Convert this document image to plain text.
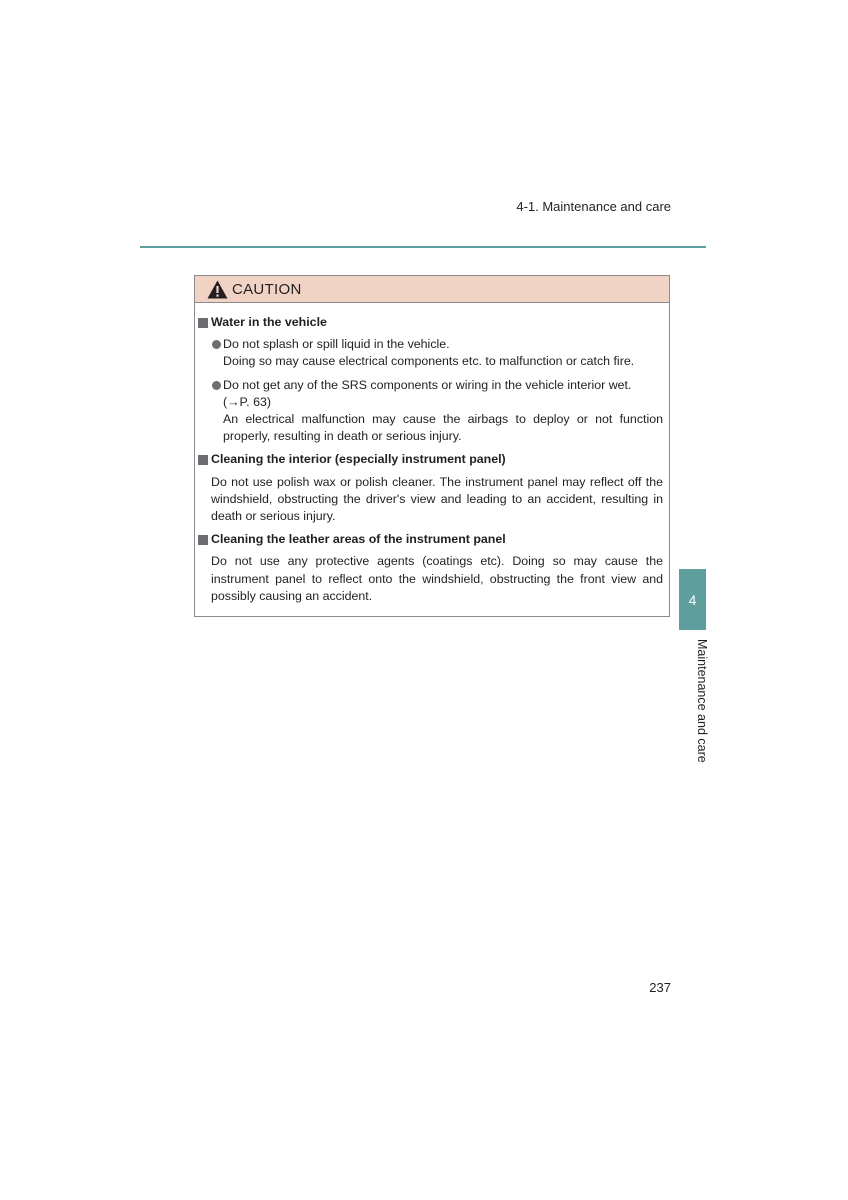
4-1. Maintenance and care
CAUTION
Water in the vehicle

Do not splash or spill liquid in the vehicle.

Doing so may cause electrical components etc. to malfunction or catch fire.

Do not get any of the SRS components or wiring in the vehicle interior wet.

(→P. 63)

An electrical malfunction may cause the airbags to deploy or not function properly, resulting in death or serious injury.

Cleaning the interior (especially instrument panel)

Do not use polish wax or polish cleaner. The instrument panel may reflect off the windshield, obstructing the driver's view and leading to an accident, resulting in death or serious injury.

Cleaning the leather areas of the instrument panel

Do not use any protective agents (coatings etc). Doing so may cause the instrument panel to reflect onto the windshield, obstructing the front view and possibly causing an accident.	4
Maintenance and care
237
